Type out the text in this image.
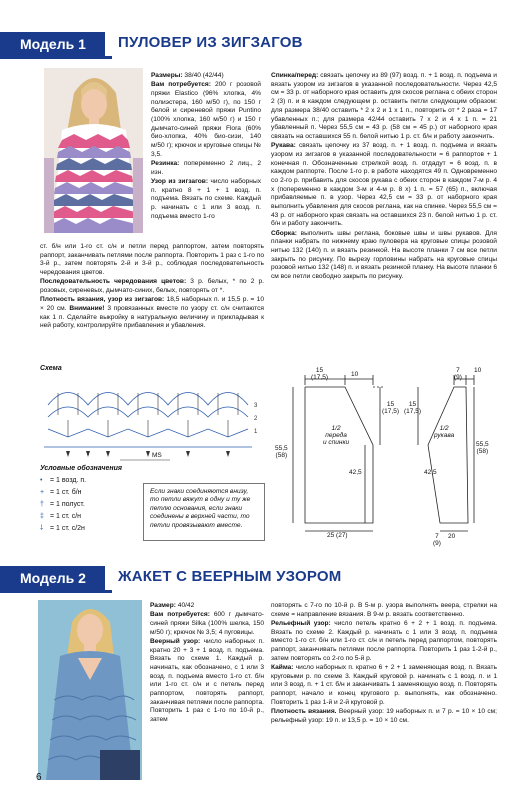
Модель 1	ПУЛОВЕР ИЗ ЗИГЗАГОВ

Размеры: 38/40 (42/44)

Вам потребуется: 200 г розовой пряжи Elastico (96% хлопка, 4% полиэстера, 160 м/50 г), по 150 г белой и сиреневой пряжи Puntino (100% хлопка, 160 м/50 г) и 150 г дымчато-синей пряжи Flora (60% био-хлопка, 40% био-сизи, 140 м/50 г); крючок и круговые спицы № 3,5.

Резинка: попеременно 2 лиц., 2 изн.

Узор из зигзагов: число наборных п. кратно 8 + 1 + 1 возд. п. подъема. Вязать по схеме. Каждый р. начинать с 1 или 3 возд. п. подъема вместо 1-го

ст. б/н или 1-го ст. с/н и петли перед раппортом, затем повторять раппорт, заканчивать петлями после раппорта. Повторить 1 раз с 1-го по 3-й р., затем повторять 2-й и 3-й р., соблюдая последовательность чередования цветов.

Последовательность чередования цветов: 3 р. белых, * по 2 р. розовых, сиреневых, дымчато-синих, белых, повторять от *.

Плотность вязания, узор из зигзагов: 18,5 наборных п. и 15,5 р. = 10 × 20 см. Внимание! 3 провязанных вместе по узору ст. с/н считаются как 1 п. Сделайте выкройку в натуральную величину и прикладывая к ней работу, контролируйте прибавления и убавления.

Спинка/перед: связать цепочку из 89 (97) возд. п. + 1 возд. п. подъема и вязать узором из зигзагов в указанной последовательности. Через 42,5 см = 33 р. от наборного края оставить для скосов реглана с обеих сторон 2 (3) п. и в каждом следующем р. оставить петли следующим образом: для размера 38/40 оставить * 2 х 2 и 1 х 1 п., повторить от * 2 раза = 17 убавленных п.; для размера 42/44 оставить 7 х 2 и 4 х 1 п. = 21 убавленный п. Через 55,5 см = 43 р. (58 см = 45 р.) от наборного края связать на оставшихся 55 п. белой нитью 1 р. ст. б/н и работу закончить.

Рукава: связать цепочку из 37 возд. п. + 1 возд. п. подъема и вязать узором из зигзагов в указанной последовательности = 6 раппортов + 1 конечная п. Обозначенные стрелкой возд. п. отдадут = 6 возд. п. в каждом раппорте. После 1-го р. в работе находятся 49 п. Одновременно со 2-го р. прибавить для скосов рукава с обеих сторон в каждом 7-м р. 4 х (попеременно в каждом 3-м и 4-м р. 8 х) 1 п. = 57 (65) п., включая прибавляемые п. в узор. Через 42,5 см = 33 р. от наборного края выполнить убавления для скосов реглана, как на спинке. Через 55,5 см = 43 р. от наборного края связать на оставшихся 23 п. белой нитью 1 р. ст. б/н и работу закончить.

Сборка: выполнить швы реглана, боковые швы и швы рукавов. Для планки набрать по нижнему краю пуловера на круговые спицы розовой нитью 132 (140) п. и вязать резинкой. На высоте планки 7 см все петли закрыть по рисунку. По вырезу горловины набрать на круговые спицы розовой нитью 132 (148) п. и вязать резинкой планку. На высоте планки 6 см все петли свободно закрыть по рисунку.

Схема
3
2
1
MS
Условные обозначения
• = 1 возд. п.
+ = 1 ст. б/н
† = 1 полуст.
‡ = 1 ст. с/н
⸸ = 1 ст. с/2н
Если знаки соединяются внизу, то петли вяжут в одну и ту же петлю основания, если знаки соединены в верхней части, то петли провязывают вместе.
15
(17,5)	10
15
(17,5)
55,5
(58)
42,5
1/2
переда
и спинки
25 (27)
7
(9)
10
15
(17,5)
55,5
(58)
42,5
1/2
рукава
7
(9)
20
Модель 2	ЖАКЕТ С ВЕЕРНЫМ УЗОРОМ

Размер: 40/42

Вам потребуется: 600 г дымчато-синей пряжи Silka (100% шелка, 150 м/50 г); крючок № 3,5; 4 пуговицы.

Веерный узор: число наборных п. кратно 20 + 3 + 1 возд. п. подъема. Вязать по схеме 1. Каждый р. начинать, как обозначено, с 1 или 3 возд. п. подъема вместо 1-го ст. б/н или 1-го ст. с/н и с петель перед раппортом, повторять раппорт, заканчивая петлями после раппорта. Повторить 1 раз с 1-го по 10-й р., затем

повторять с 7-го по 10-й р. В 5-м р. узора выполнять веера, стрелки на схеме = направление вязания. В 9-м р. вязать соответственно.

Рельефный узор: число петель кратно 6 + 2 + 1 возд. п. подъема. Вязать по схеме 2. Каждый р. начинать с 1 или 3 возд. п. подъема вместо 1-го ст. б/н или 1-го ст. с/н и петель перед раппортом, повторять раппорт, заканчивать петлями после раппорта. Повторить 1 раз 1-2-й р., затем повторять со 2-го по 5-й р.

Кайма: число наборных п. кратно 6 + 2 + 1 заменяющая возд. п. Вязать круговыми р. по схеме 3. Каждый круговой р. начинать с 1 возд. п. и 1 или 3 возд. п. + 1 ст. б/н и заканчивать 1 заменяющую возд. п. Повторять раппорт, начало и конец кругового р. выполнять, как обозначено. Повторить 1 раз 1-й и 2-й круговой р.

Плотность вязания. Веерный узор: 19 наборных п. и 7 р. = 10 × 10 см; рельефный узор: 19 п. и 13,5 р. = 10 × 10 см.

6
